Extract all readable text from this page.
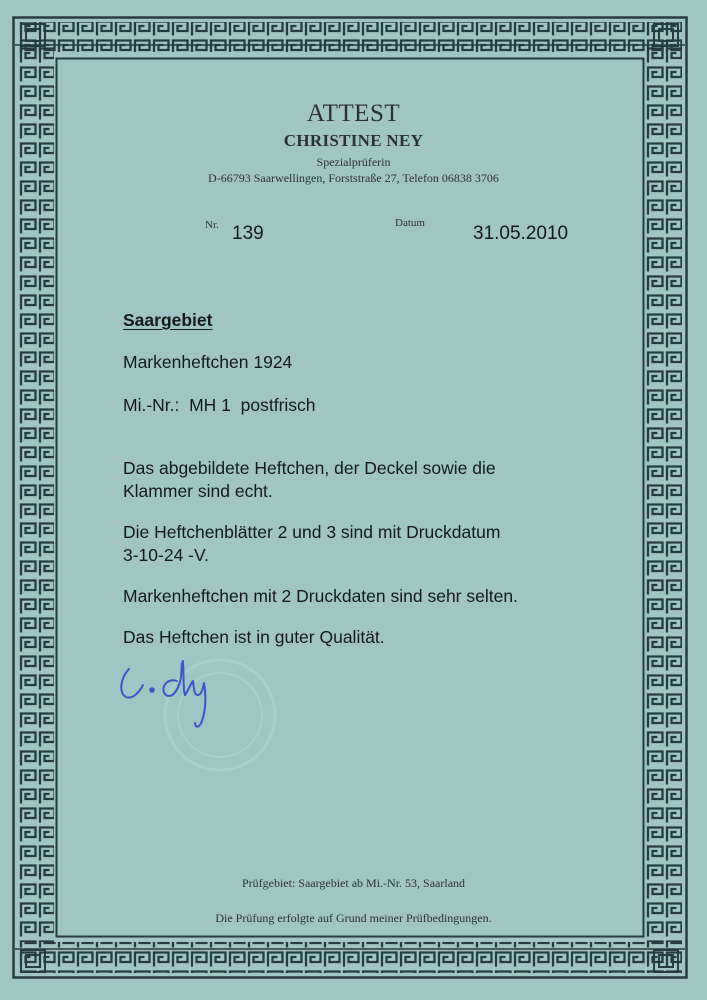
ATTEST
CHRISTINE NEY
Spezialprüferin
D-66793 Saarwellingen, Forststraße 27, Telefon 06838 3706
Nr. 139	Datum	31.05.2010
Saargebiet
Markenheftchen 1924
Mi.-Nr.:  MH 1  postfrisch
Das abgebildete Heftchen, der Deckel sowie die
Klammer sind echt.
Die Heftchenblätter 2 und 3 sind mit Druckdatum
3-10-24 -V.
Markenheftchen mit 2 Druckdaten sind sehr selten.
Das Heftchen ist in guter Qualität.
Prüfgebiet: Saargebiet ab Mi.-Nr. 53, Saarland
Die Prüfung erfolgte auf Grund meiner Prüfbedingungen.
